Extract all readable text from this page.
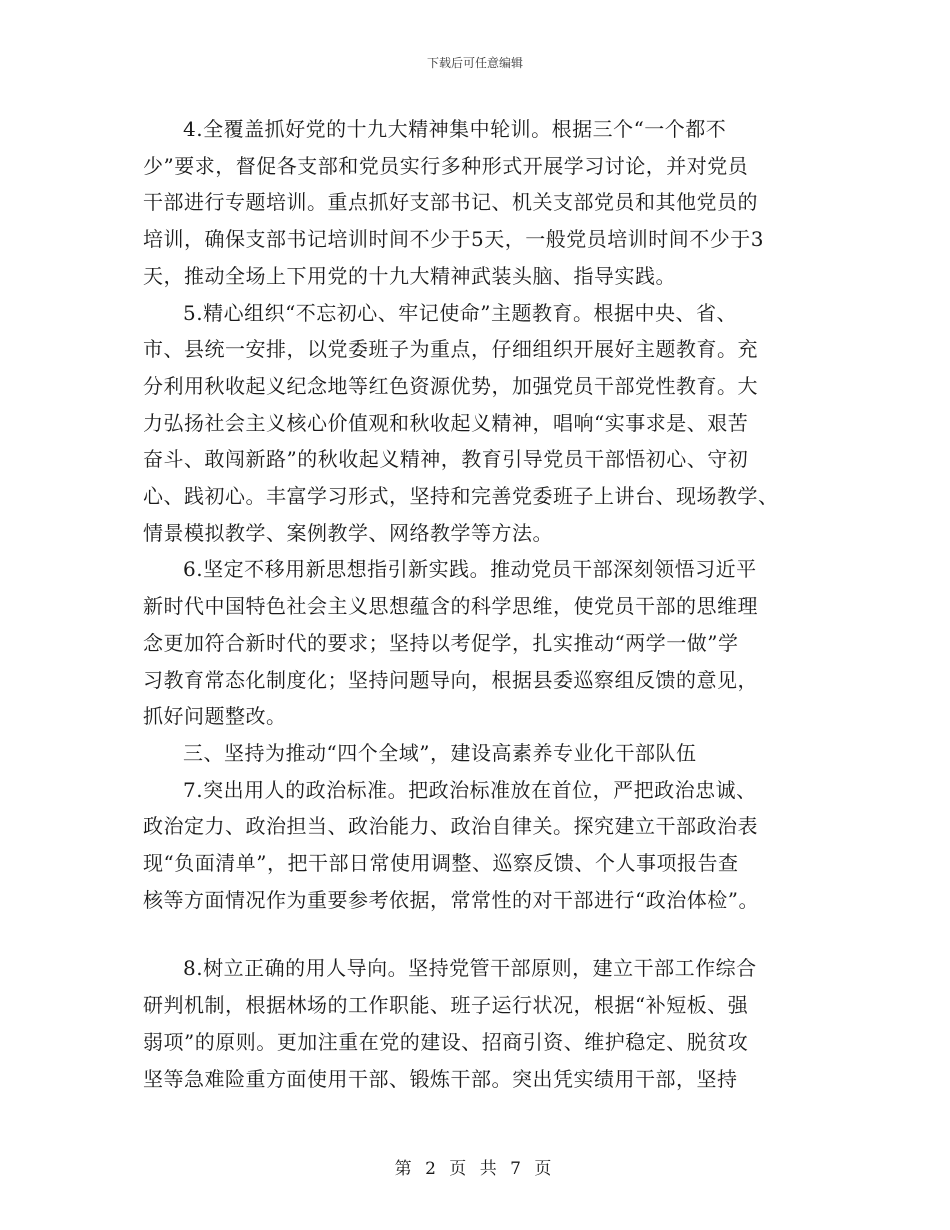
下载后可任意编辑

4.全覆盖抓好党的十九大精神集中轮训。根据三个“一个都不
少”要求，督促各支部和党员实行多种形式开展学习讨论，并对党员
干部进行专题培训。重点抓好支部书记、机关支部党员和其他党员的
培训，确保支部书记培训时间不少于5天，一般党员培训时间不少于3
天，推动全场上下用党的十九大精神武装头脑、指导实践。

5.精心组织“不忘初心、牢记使命”主题教育。根据中央、省、
市、县统一安排，以党委班子为重点，仔细组织开展好主题教育。充
分利用秋收起义纪念地等红色资源优势，加强党员干部党性教育。大
力弘扬社会主义核心价值观和秋收起义精神，唱响“实事求是、艰苦
奋斗、敢闯新路”的秋收起义精神，教育引导党员干部悟初心、守初
心、践初心。丰富学习形式，坚持和完善党委班子上讲台、现场教学、
情景模拟教学、案例教学、网络教学等方法。

6.坚定不移用新思想指引新实践。推动党员干部深刻领悟习近平
新时代中国特色社会主义思想蕴含的科学思维，使党员干部的思维理
念更加符合新时代的要求；坚持以考促学，扎实推动“两学一做”学
习教育常态化制度化；坚持问题导向，根据县委巡察组反馈的意见，
抓好问题整改。

三、坚持为推动“四个全域”，建设高素养专业化干部队伍

7.突出用人的政治标准。把政治标准放在首位，严把政治忠诚、
政治定力、政治担当、政治能力、政治自律关。探究建立干部政治表
现“负面清单”，把干部日常使用调整、巡察反馈、个人事项报告查
核等方面情况作为重要参考依据，常常性的对干部进行“政治体检”。

8.树立正确的用人导向。坚持党管干部原则，建立干部工作综合
研判机制，根据林场的工作职能、班子运行状况，根据“补短板、强
弱项”的原则。更加注重在党的建设、招商引资、维护稳定、脱贫攻
坚等急难险重方面使用干部、锻炼干部。突出凭实绩用干部，坚持

第 2 页 共 7 页
